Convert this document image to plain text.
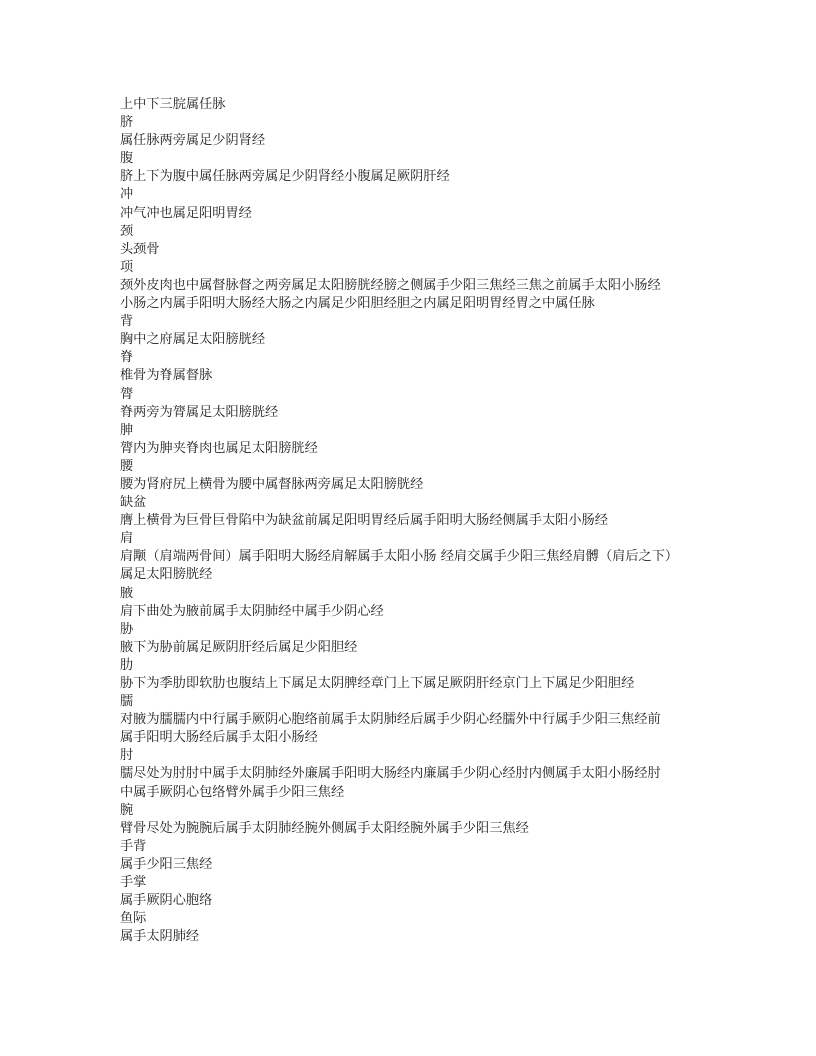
上中下三脘属任脉
脐
属任脉两旁属足少阴肾经
腹
脐上下为腹中属任脉两旁属足少阴肾经小腹属足厥阴肝经
冲
冲气冲也属足阳明胃经
颈
头颈骨
项
颈外皮肉也中属督脉督之两旁属足太阳膀胱经膀之侧属手少阳三焦经三焦之前属手太阳小肠经
小肠之内属手阳明大肠经大肠之内属足少阳胆经胆之内属足阳明胃经胃之中属任脉
背
胸中之府属足太阳膀胱经
脊
椎骨为脊属督脉
膂
脊两旁为膂属足太阳膀胱经
胂
膂内为胂夹脊肉也属足太阳膀胱经
腰
腰为肾府尻上横骨为腰中属督脉两旁属足太阳膀胱经
缺盆
膺上横骨为巨骨巨骨陷中为缺盆前属足阳明胃经后属手阳明大肠经侧属手太阳小肠经
肩
肩颙（肩端两骨间）属手阳明大肠经肩解属手太阳小肠 经肩交属手少阳三焦经肩髆（肩后之下）
属足太阳膀胱经
腋
肩下曲处为腋前属手太阴肺经中属手少阴心经
胁
腋下为胁前属足厥阴肝经后属足少阳胆经
肋
胁下为季肋即软肋也腹结上下属足太阴脾经章门上下属足厥阴肝经京门上下属足少阳胆经
臑
对腋为臑臑内中行属手厥阴心胞络前属手太阴肺经后属手少阴心经臑外中行属手少阳三焦经前
属手阳明大肠经后属手太阳小肠经
肘
臑尽处为肘肘中属手太阴肺经外廉属手阳明大肠经内廉属手少阴心经肘内侧属手太阳小肠经肘
中属手厥阴心包络臂外属手少阳三焦经
腕
臂骨尽处为腕腕后属手太阴肺经腕外侧属手太阳经腕外属手少阳三焦经
手背
属手少阳三焦经
手掌
属手厥阴心胞络
鱼际
属手太阴肺经
